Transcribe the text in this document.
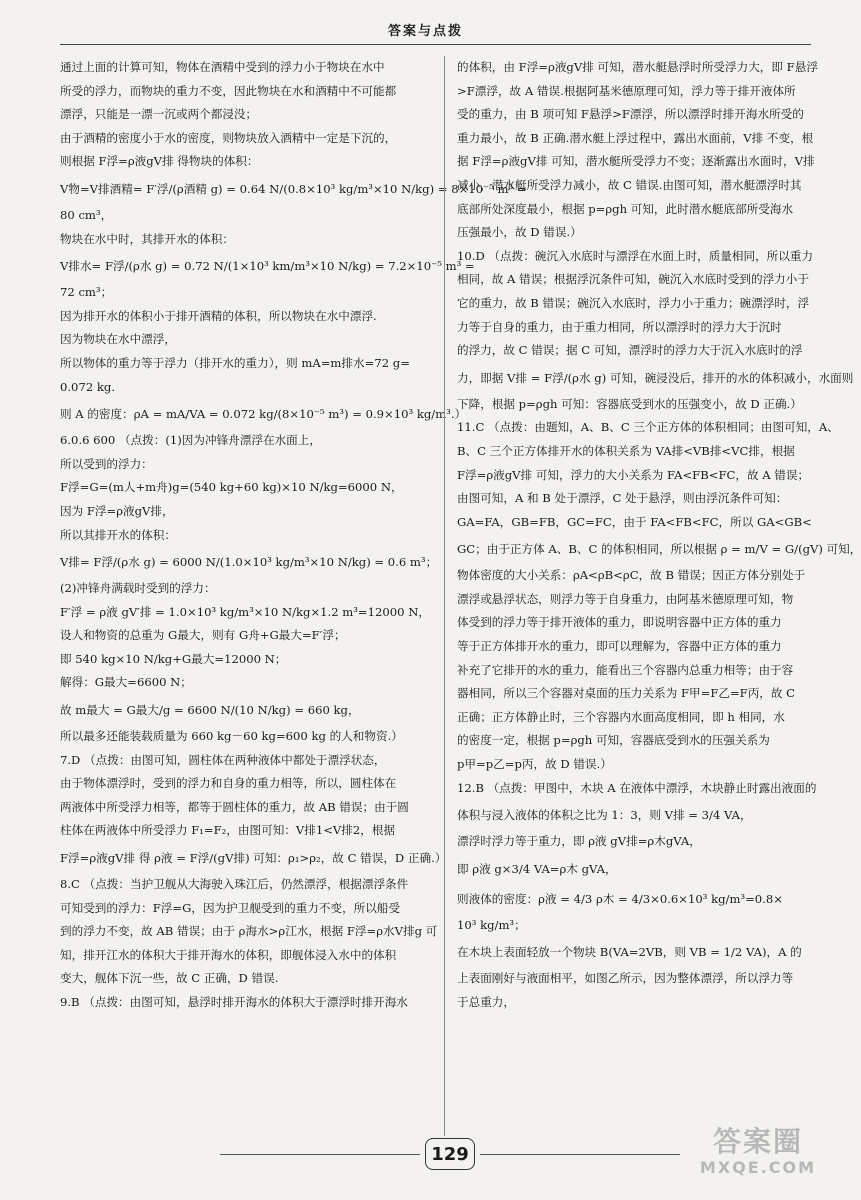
答案与点拨
通过上面的计算可知，物体在酒精中受到的浮力小于物块在水中
所受的浮力，而物块的重力不变，因此物块在水和酒精中不可能都
漂浮，只能是一漂一沉或两个都浸没；
由于酒精的密度小于水的密度，则物块放入酒精中一定是下沉的，
则根据 F浮=ρ液gV排 得物块的体积：
V物=V排酒精= F′浮/(ρ酒精 g) = 0.64 N/(0.8×10³ kg/m³×10 N/kg) = 8×10⁻⁵ m³ =
80 cm³，
物块在水中时，其排开水的体积：
V排水= F浮/(ρ水 g) = 0.72 N/(1×10³ km/m³×10 N/kg) = 7.2×10⁻⁵ m³ =
72 cm³；
因为排开水的体积小于排开酒精的体积，所以物块在水中漂浮.
因为物块在水中漂浮，
所以物体的重力等于浮力（排开水的重力），则 mA=m排水=72 g=
0.072 kg.
则 A 的密度：ρA = mA/VA = 0.072 kg/(8×10⁻⁵ m³) = 0.9×10³ kg/m³.）
6.0.6 600 （点拨：(1)因为冲锋舟漂浮在水面上，
所以受到的浮力：
F浮=G=(m人+m舟)g=(540 kg+60 kg)×10 N/kg=6000 N，
因为 F浮=ρ液gV排，
所以其排开水的体积：
V排= F浮/(ρ水 g) = 6000 N/(1.0×10³ kg/m³×10 N/kg) = 0.6 m³；
(2)冲锋舟满载时受到的浮力：
F′浮 = ρ液 gV′排 = 1.0×10³ kg/m³×10 N/kg×1.2 m³=12000 N，
设人和物资的总重为 G最大，则有 G舟+G最大=F′浮；
即 540 kg×10 N/kg+G最大=12000 N；
解得：G最大=6600 N；
故 m最大 = G最大/g = 6600 N/(10 N/kg) = 660 kg，
所以最多还能装载质量为 660 kg－60 kg=600 kg 的人和物资.）
7.D （点拨：由图可知，圆柱体在两种液体中都处于漂浮状态，
由于物体漂浮时，受到的浮力和自身的重力相等，所以，圆柱体在
两液体中所受浮力相等，都等于圆柱体的重力，故 AB 错误；由于圆
柱体在两液体中所受浮力 F₁=F₂，由图可知：V排1<V排2，根据
F浮=ρ液gV排 得 ρ液 = F浮/(gV排) 可知：ρ₁>ρ₂，故 C 错误，D 正确.）
8.C （点拨：当护卫舰从大海驶入珠江后，仍然漂浮，根据漂浮条件
可知受到的浮力：F浮=G，因为护卫舰受到的重力不变，所以船受
到的浮力不变，故 AB 错误；由于 ρ海水>ρ江水，根据 F浮=ρ水V排g 可
知，排开江水的体积大于排开海水的体积，即舰体浸入水中的体积
变大，舰体下沉一些，故 C 正确，D 错误.
9.B （点拨：由图可知，悬浮时排开海水的体积大于漂浮时排开海水
的体积，由 F浮=ρ液gV排 可知，潜水艇悬浮时所受浮力大，即 F悬浮
>F漂浮，故 A 错误.根据阿基米德原理可知，浮力等于排开液体所
受的重力，由 B 项可知 F悬浮>F漂浮，所以漂浮时排开海水所受的
重力最小，故 B 正确.潜水艇上浮过程中，露出水面前，V排 不变，根
据 F浮=ρ液gV排 可知，潜水艇所受浮力不变；逐渐露出水面时，V排
减小，潜水艇所受浮力减小，故 C 错误.由图可知，潜水艇漂浮时其
底部所处深度最小，根据 p=ρgh 可知，此时潜水艇底部所受海水
压强最小，故 D 错误.）
10.D （点拨：碗沉入水底时与漂浮在水面上时，质量相同，所以重力
相同，故 A 错误；根据浮沉条件可知，碗沉入水底时受到的浮力小于
它的重力，故 B 错误；碗沉入水底时，浮力小于重力；碗漂浮时，浮
力等于自身的重力，由于重力相同，所以漂浮时的浮力大于沉时
的浮力，故 C 错误；据 C 可知，漂浮时的浮力大于沉入水底时的浮
力，即据 V排 = F浮/(ρ水 g) 可知，碗浸没后，排开的水的体积减小，水面则
下降，根据 p=ρgh 可知：容器底受到水的压强变小，故 D 正确.）
11.C （点拨：由题知，A、B、C 三个正方体的体积相同；由图可知，A、
B、C 三个正方体排开水的体积关系为 VA排<VB排<VC排，根据
F浮=ρ液gV排 可知，浮力的大小关系为 FA<FB<FC，故 A 错误；
由图可知，A 和 B 处于漂浮，C 处于悬浮，则由浮沉条件可知：
GA=FA，GB=FB，GC=FC，由于 FA<FB<FC，所以 GA<GB<
GC；由于正方体 A、B、C 的体积相同，所以根据 ρ = m/V = G/(gV) 可知，
物体密度的大小关系：ρA<ρB<ρC，故 B 错误；因正方体分别处于
漂浮或悬浮状态，则浮力等于自身重力，由阿基米德原理可知，物
体受到的浮力等于排开液体的重力，即说明容器中正方体的重力
等于正方体排开水的重力，即可以理解为，容器中正方体的重力
补充了它排开的水的重力，能看出三个容器内总重力相等；由于容
器相同，所以三个容器对桌面的压力关系为 F甲=F乙=F丙，故 C
正确；正方体静止时，三个容器内水面高度相同，即 h 相同，水
的密度一定，根据 p=ρgh 可知，容器底受到水的压强关系为
p甲=p乙=p丙，故 D 错误.）
12.B （点拨：甲图中，木块 A 在液体中漂浮，木块静止时露出液面的
体积与浸入液体的体积之比为 1：3，则 V排 = 3/4 VA，
漂浮时浮力等于重力，即 ρ液 gV排=ρ木gVA，
即 ρ液 g×3/4 VA=ρ木 gVA，
则液体的密度：ρ液 = 4/3 ρ木 = 4/3×0.6×10³ kg/m³=0.8×
10³ kg/m³；
在木块上表面轻放一个物块 B(VA=2VB，则 VB = 1/2 VA)，A 的
上表面刚好与液面相平，如图乙所示，因为整体漂浮，所以浮力等
于总重力，
129	答案圈
MXQE.COM
